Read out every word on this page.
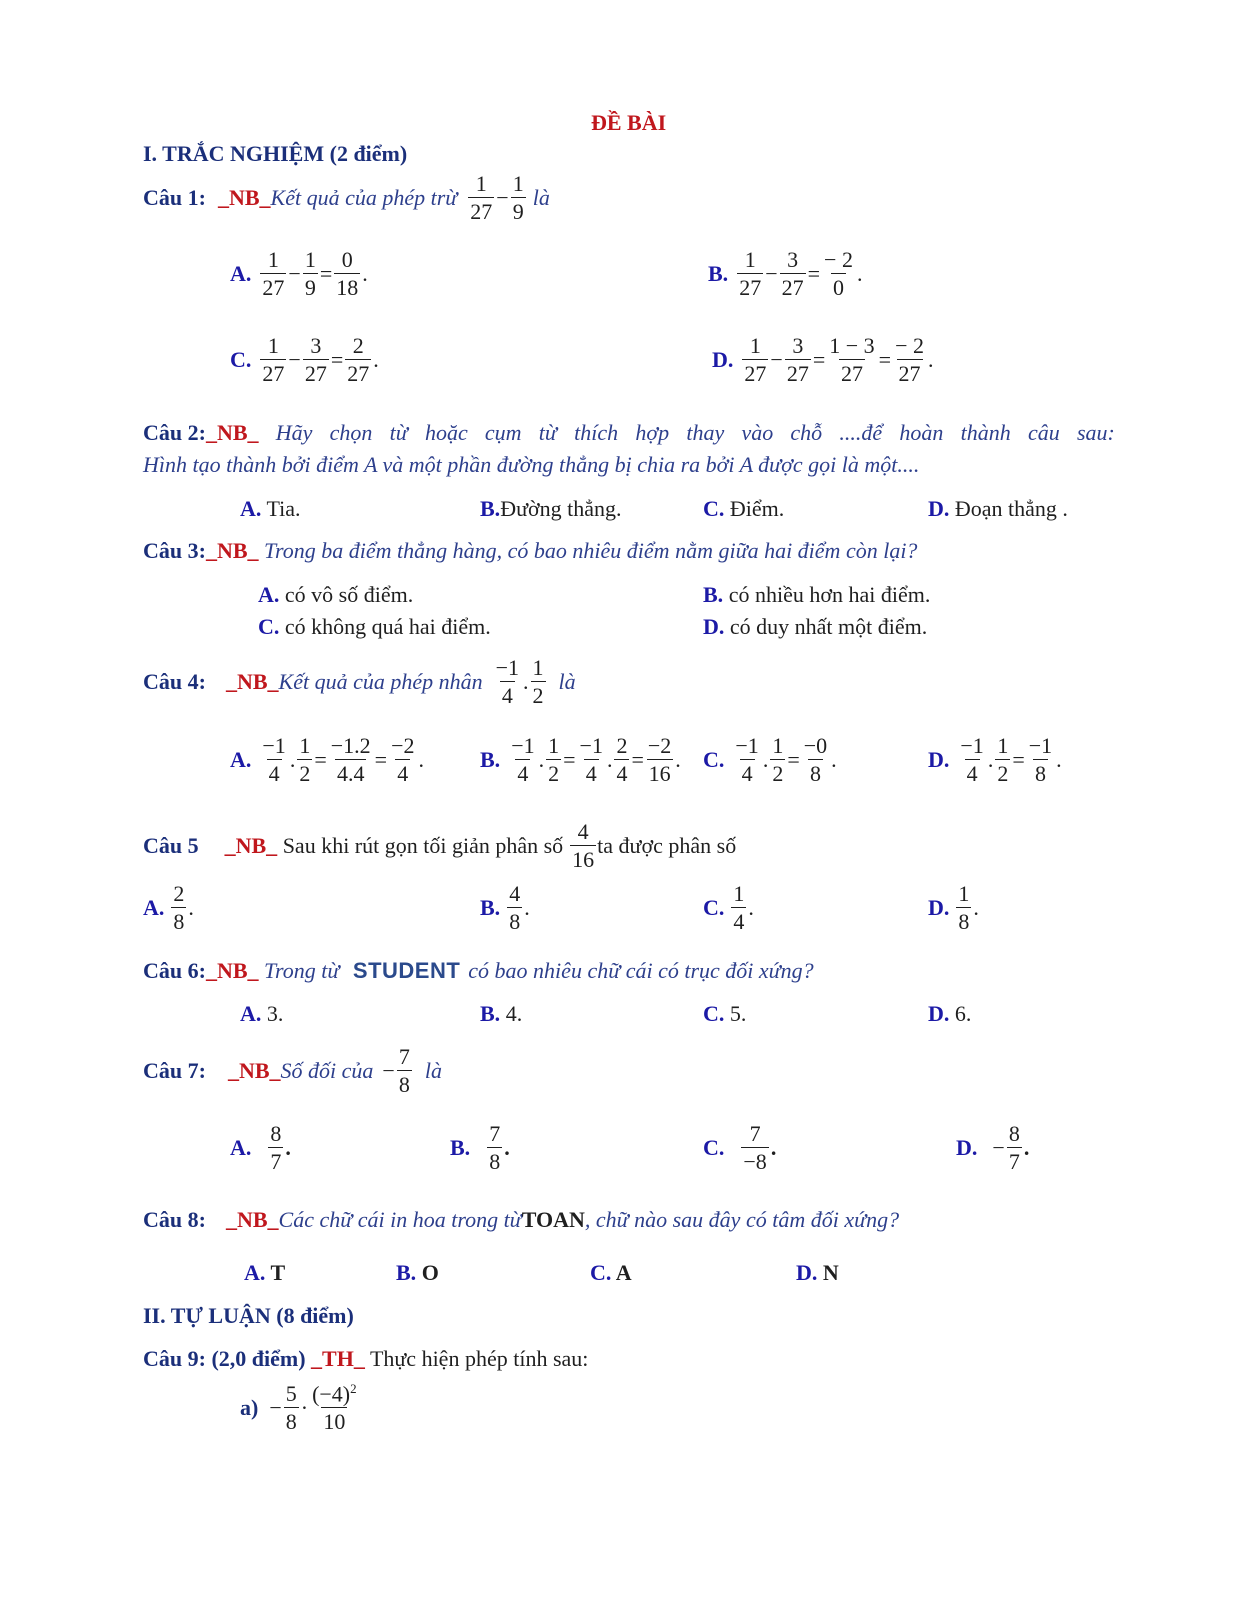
ĐỀ BÀI
I. TRẮC NGHIỆM (2 điểm)
Câu 1: _NB_ Kết quả của phép trừ
1
27
− $\frac{1}{9}$ là
A.
1
27
− $\frac{1}{9} = \frac{0}{18}$ .	B.
1
27
− $\frac{3}{27} = \frac{- 2}{0}$ .
C.
1
27
− $\frac{3}{27} = \frac{2}{27}$ .	D.
1
27
− $\frac{3}{27} = \frac{1 - 3}{27} = \frac{- 2}{27}$ .
Câu 2:_NB_ Hãy chọn từ hoặc cụm từ thích hợp thay vào chỗ ....để hoàn thành câu sau:
Hình tạo thành bởi điểm A và một phần đường thẳng bị chia ra bởi A được gọi là một....
A. Tia.	B.Đường thẳng.	C. Điểm.	D. Đoạn thẳng .
Câu 3:_NB_ Trong ba điểm thẳng hàng, có bao nhiêu điểm nằm giữa hai điểm còn lại?
A. có vô số điểm.	B. có nhiều hơn hai điểm.
C. có không quá hai điểm.	D. có duy nhất một điểm.
Câu 4: _NB_ Kết quả của phép nhân
−1
4
.
1
2
là
A.
−1
4
. $\frac{1}{2} = \frac{-1.2}{4.4} = \frac{-2}{4}$ .	B.
−1
4
. $\frac{1}{2} = \frac{-1}{4}$ . $\frac{2}{4} = \frac{-2}{16}$ . C.
−1
4
. $\frac{1}{2} = \frac{-0}{8}$ .	D.
−1
4
. $\frac{1}{2} = \frac{-1}{8}$ .
Câu 5 _NB_ Sau khi rút gọn tối giản phân số
4
16
ta được phân số
A.
2
8
.	B.
4
8
.	C.
1
4
.	D.
1
8
.
Câu 6:_NB_ Trong từ STUDENT có bao nhiêu chữ cái có trục đối xứng?
A. 3.	B. 4.	C. 5.	D. 6.
Câu 7: _NB_ Số đối của − $\frac{7}{8}$ là
A.
8
7
.	B.
7
8
.	C.
7
−8
.	D. − $\frac{8}{7}$ .
Câu 8: _NB_Các chữ cái in hoa trong từTOAN, chữ nào sau đây có tâm đối xứng?
A. T	B. O	C. A	D. N
II. TỰ LUẬN (8 điểm)
Câu 9: (2,0 điểm) _TH_ Thực hiện phép tính sau:
$a) - \frac{5}{8}$ ·
$(-4)^2$
10
